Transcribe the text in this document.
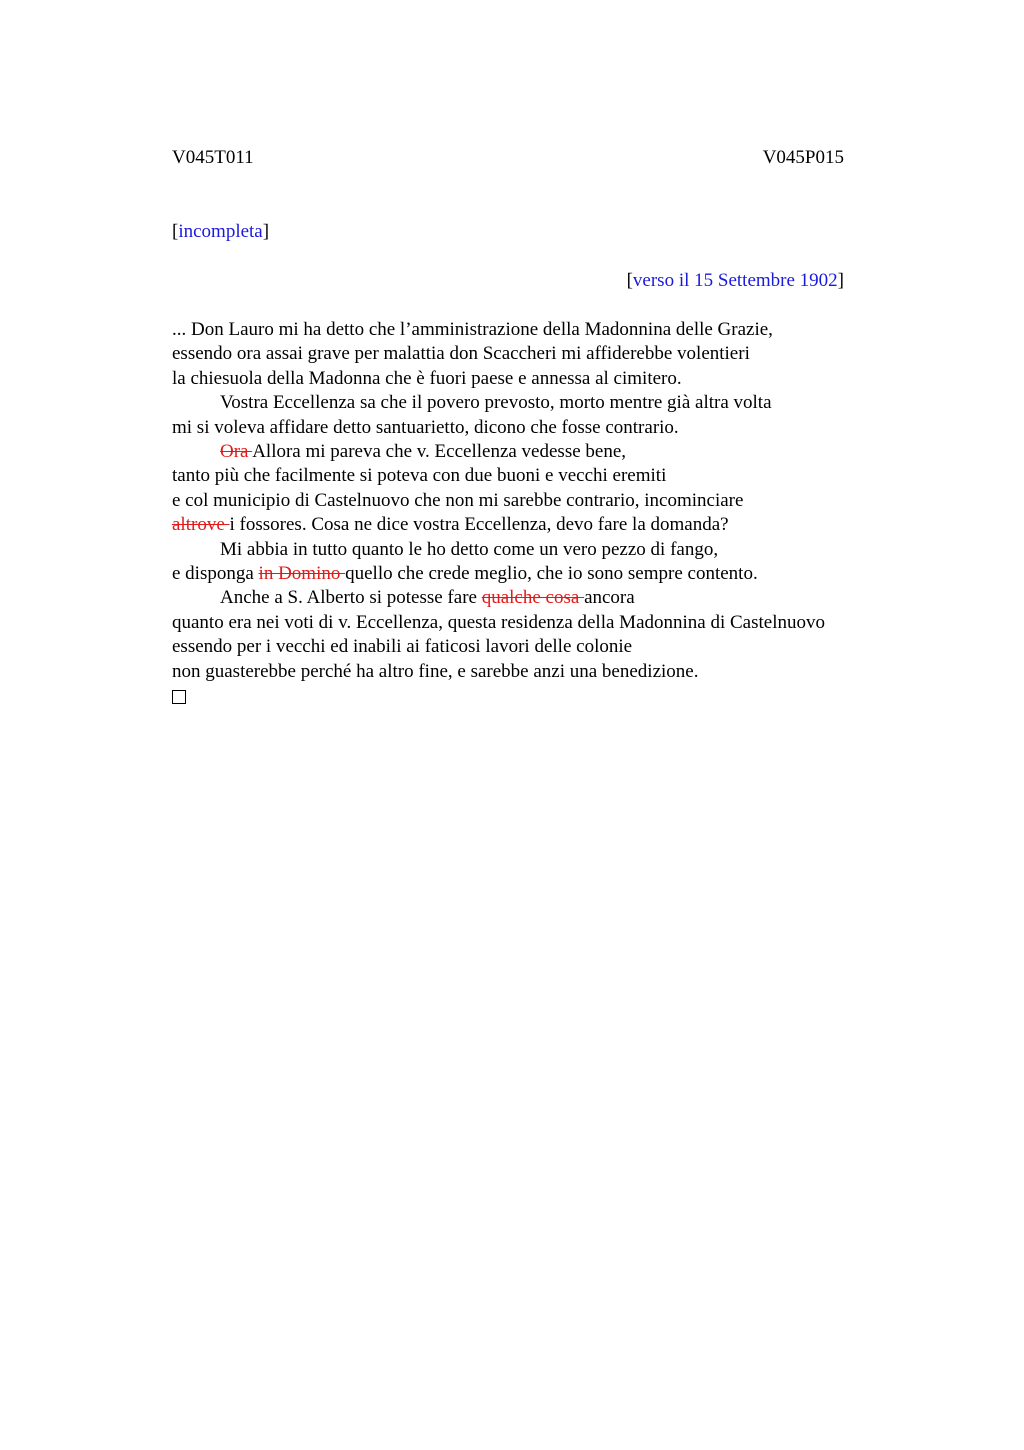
V045T011	V045P015
[incompleta]
[verso il 15 Settembre 1902]
... Don Lauro mi ha detto che l’amministrazione della Madonnina delle Grazie,
essendo ora assai grave per malattia don Scaccheri mi affiderebbe volentieri
la chiesuola della Madonna che è fuori paese e annessa al cimitero.
Vostra Eccellenza sa che il povero prevosto, morto mentre già altra volta
mi si voleva affidare detto santuarietto, dicono che fosse contrario.
Ora Allora mi pareva che v. Eccellenza vedesse bene,
tanto più che facilmente si poteva con due buoni e vecchi eremiti
e col municipio di Castelnuovo che non mi sarebbe contrario, incominciare
altrove i fossores. Cosa ne dice vostra Eccellenza, devo fare la domanda?
Mi abbia in tutto quanto le ho detto come un vero pezzo di fango,
e disponga in Domino quello che crede meglio, che io sono sempre contento.
Anche a S. Alberto si potesse fare qualche cosa ancora
quanto era nei voti di v. Eccellenza, questa residenza della Madonnina di Castelnuovo
essendo per i vecchi ed inabili ai faticosi lavori delle colonie
non guasterebbe perché ha altro fine, e sarebbe anzi una benedizione.
